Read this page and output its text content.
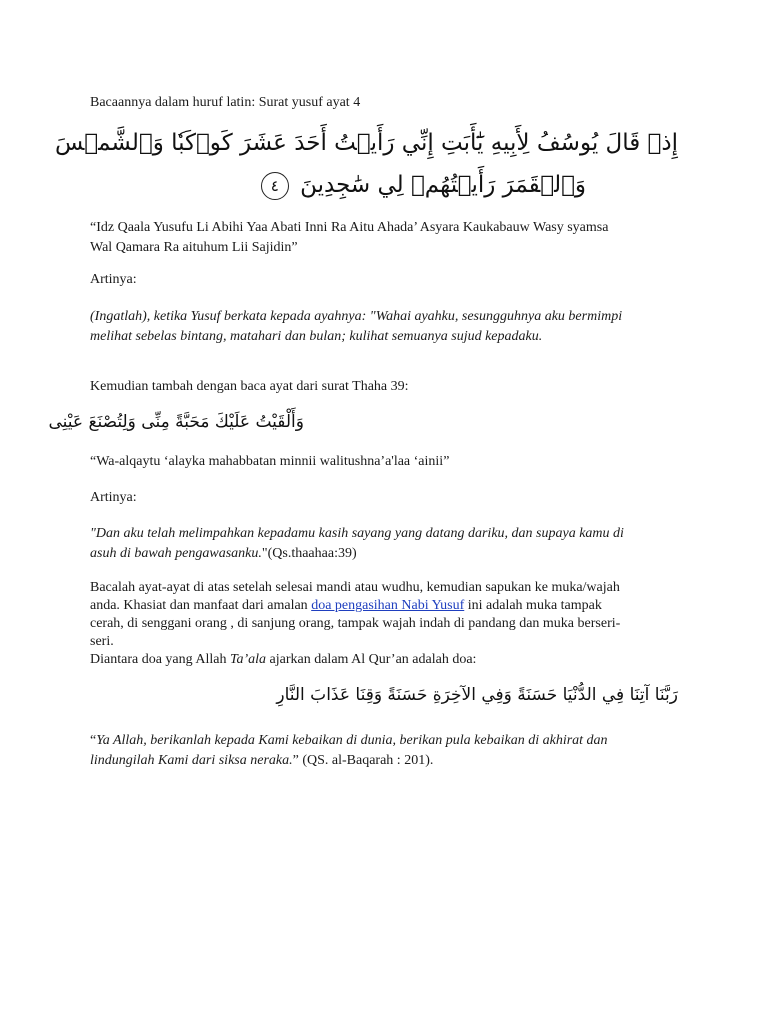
Bacaannya dalam huruf latin: Surat yusuf ayat 4

إِذۡ قَالَ يُوسُفُ لِأَبِيهِ يَٰٓأَبَتِ إِنِّي رَأَيۡتُ أَحَدَ عَشَرَ كَوۡكَبٗا وَٱلشَّمۡسَ
وَٱلۡقَمَرَ رَأَيۡتُهُمۡ لِي سَٰجِدِينَ ٤

“Idz Qaala Yusufu Li Abihi Yaa Abati Inni Ra Aitu Ahada’ Asyara Kaukabauw Wasy syamsa

Wal Qamara Ra aituhum Lii Sajidin”

Artinya:

(Ingatlah), ketika Yusuf berkata kepada ayahnya: "Wahai ayahku, sesungguhnya aku bermimpi

melihat sebelas bintang, matahari dan bulan; kulihat semuanya sujud kepadaku.

Kemudian tambah dengan baca ayat dari surat Thaha 39:

وَأَلْقَيْتُ عَلَيْكَ مَحَبَّةً مِنِّى وَلِتُصْنَعَ عَيْنِى

“Wa-alqaytu ‘alayka mahabbatan minnii walitushna’a'laa ‘ainii”

Artinya:

"Dan aku telah melimpahkan kepadamu kasih sayang yang datang dariku, dan supaya kamu di

asuh di bawah pengawasanku."(Qs.thaahaa:39)

Bacalah ayat-ayat di atas setelah selesai mandi atau wudhu, kemudian sapukan ke muka/wajah

anda. Khasiat dan manfaat dari amalan doa pengasihan Nabi Yusuf ini adalah muka tampak

cerah, di senggani orang , di sanjung orang, tampak wajah indah di pandang dan muka berseri-

seri.

Diantara doa yang Allah Ta’ala ajarkan dalam Al Qur’an adalah doa:

رَبَّنَا آتِنَا فِي الدُّنْيَا حَسَنَةً وَفِي الآخِرَةِ حَسَنَةً وَقِنَا عَذَابَ النَّارِ

“Ya Allah, berikanlah kepada Kami kebaikan di dunia, berikan pula kebaikan di akhirat dan

lindungilah Kami dari siksa neraka.” (QS. al-Baqarah : 201).
